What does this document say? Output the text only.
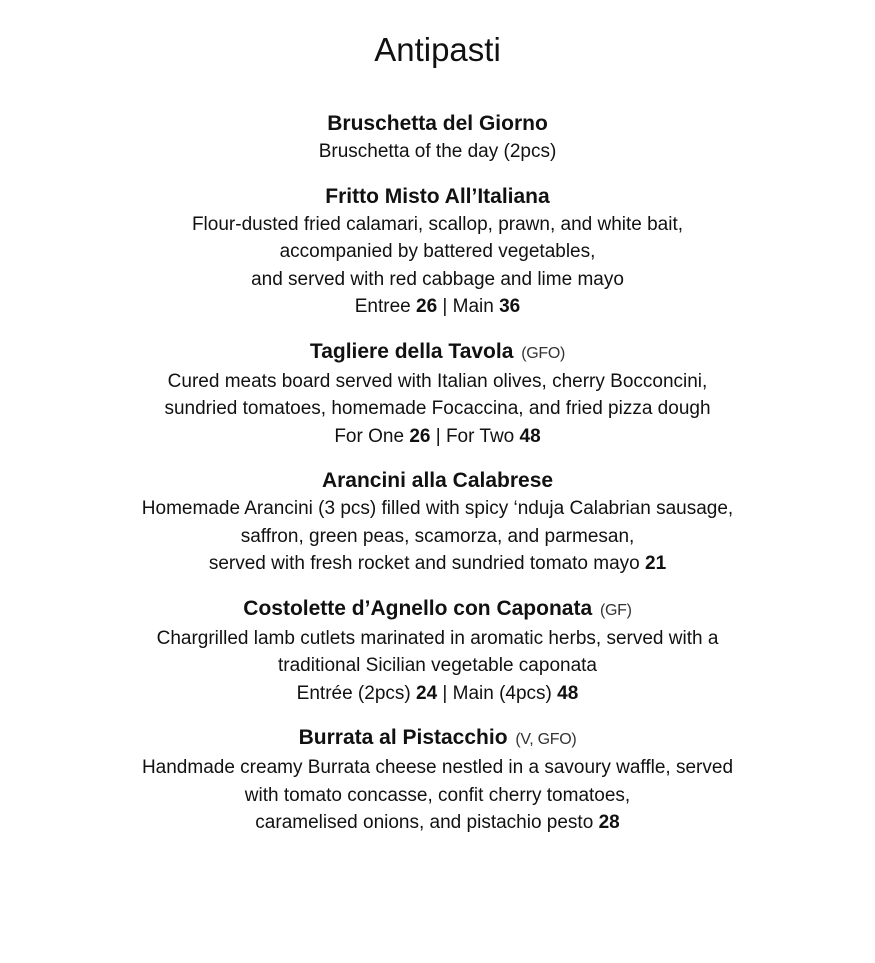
Antipasti
Bruschetta del Giorno
Bruschetta of the day (2pcs)
Fritto Misto All’Italiana
Flour-dusted fried calamari, scallop, prawn, and white bait,
accompanied by battered vegetables,
and served with red cabbage and lime mayo
Entree 26 | Main 36
Tagliere della Tavola (GFO)
Cured meats board served with Italian olives, cherry Bocconcini,
sundried tomatoes, homemade Focaccina, and fried pizza dough
For One 26 | For Two 48
Arancini alla Calabrese
Homemade Arancini (3 pcs) filled with spicy ‘nduja Calabrian sausage,
saffron, green peas, scamorza, and parmesan,
served with fresh rocket and sundried tomato mayo 21
Costolette d’Agnello con Caponata (GF)
Chargrilled lamb cutlets marinated in aromatic herbs, served with a
traditional Sicilian vegetable caponata
Entrée (2pcs) 24 | Main (4pcs) 48
Burrata al Pistacchio (V, GFO)
Handmade creamy Burrata cheese nestled in a savoury waffle, served
with tomato concasse, confit cherry tomatoes,
caramelised onions, and pistachio pesto 28
